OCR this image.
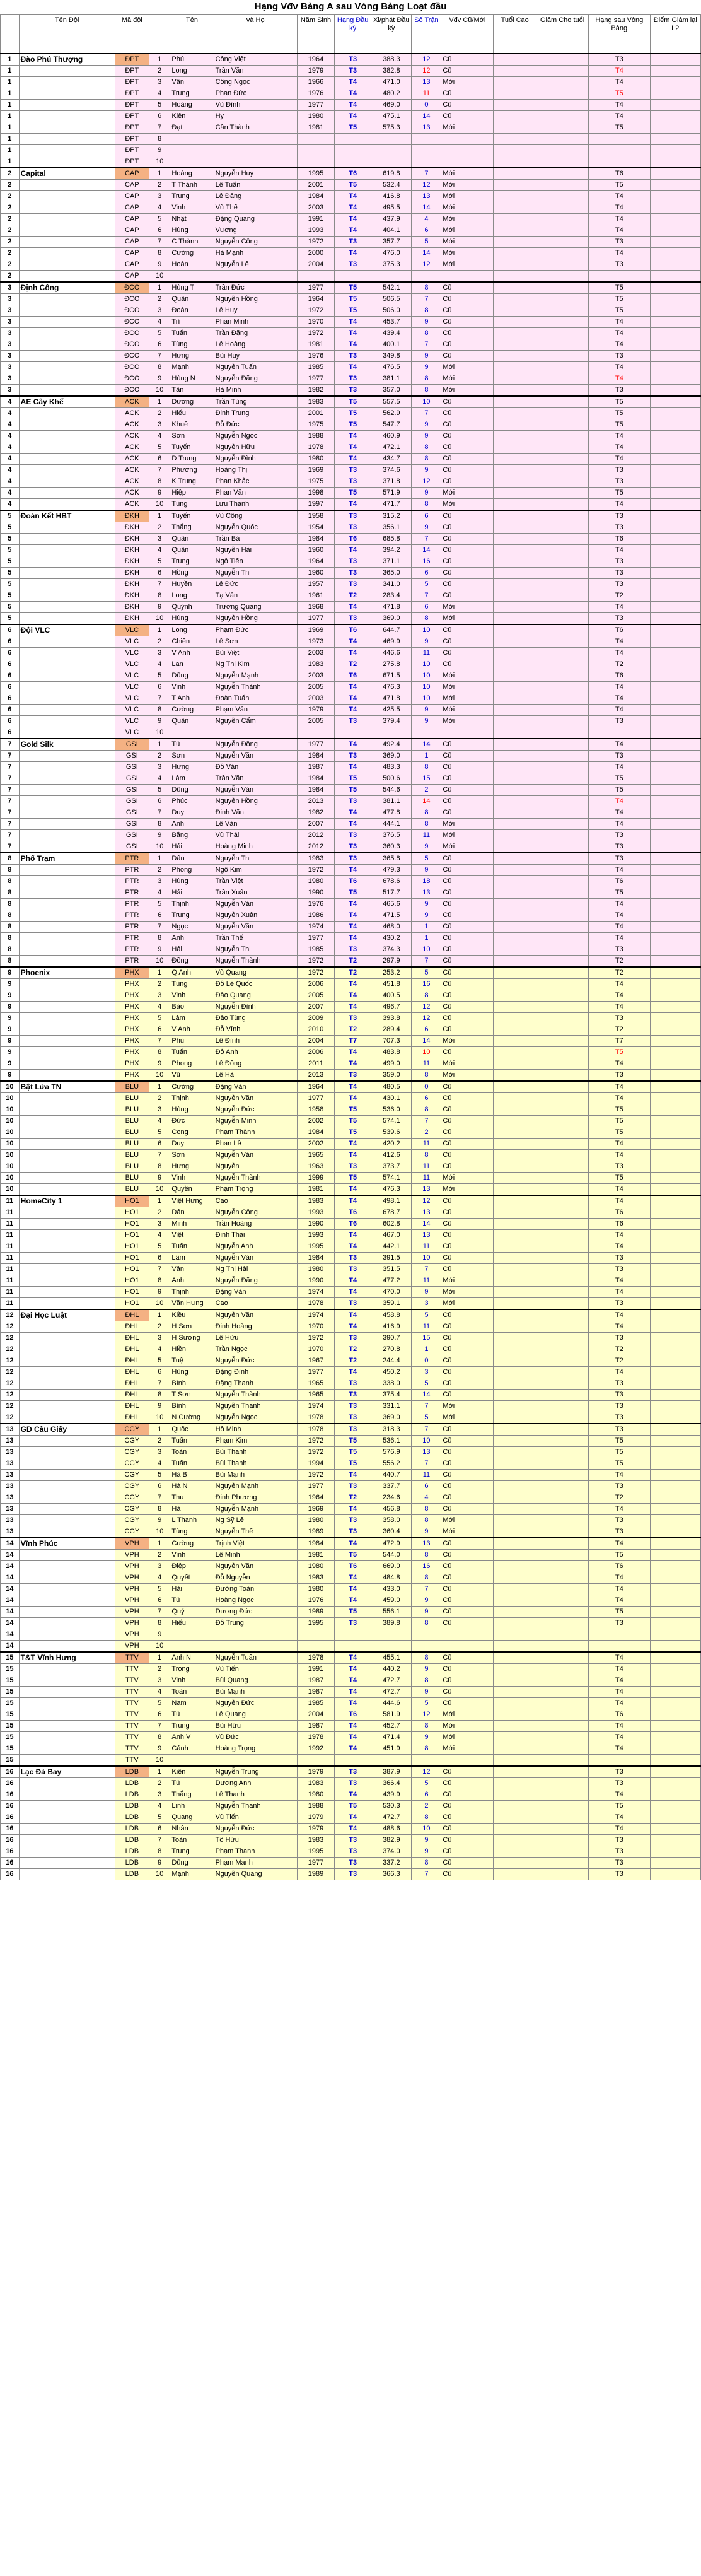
Hạng Vđv Bảng A sau Vòng Bảng Loạt đầu
	Tên Đội	Mã đội		Tên	và Họ	Năm Sinh	Hạng Đầu kỳ	Xi/phát Đầu kỳ	Số Trận	Vđv Cũ/Mới	Tuổi Cao	Giảm Cho tuổi	Hạng sau Vòng Bảng	Điểm Giảm lại L2
1	Đào Phú Thượng	ĐPT	1	Phú	Công Việt	1964	T3	388.3	12	Cũ			T3	
1		ĐPT	2	Long	Trần Văn	1979	T3	382.8	12	Cũ			T4	
1		ĐPT	3	Vân	Công Ngọc	1966	T4	471.0	13	Mới			T4	
1		ĐPT	4	Trung	Phan Đức	1976	T4	480.2	11	Cũ			T5	
1		ĐPT	5	Hoàng	Vũ Đình	1977	T4	469.0	0	Cũ			T4	
1		ĐPT	6	Kiên	Hy	1980	T4	475.1	14	Cũ			T4	
1		ĐPT	7	Đạt	Cần Thành	1981	T5	575.3	13	Mới			T5	
1		ĐPT	8											
1		ĐPT	9											
1		ĐPT	10											
2	Capital	CAP	1	Hoàng	Nguyễn Huy	1995	T6	619.8	7	Mới			T6	
2		CAP	2	T Thành	Lê Tuấn	2001	T5	532.4	12	Mới			T5	
2		CAP	3	Trung	Lê Đăng	1984	T4	416.8	13	Mới			T4	
2		CAP	4	Vinh	Vũ Thế	2003	T4	495.5	14	Mới			T4	
2		CAP	5	Nhật	Đặng Quang	1991	T4	437.9	4	Mới			T4	
2		CAP	6	Hùng	Vương	1993	T4	404.1	6	Mới			T4	
2		CAP	7	C Thành	Nguyễn Công	1972	T3	357.7	5	Mới			T3	
2		CAP	8	Cường	Hà Mạnh	2000	T4	476.0	14	Mới			T4	
2		CAP	9	Hoàn	Nguyễn Lê	2004	T3	375.3	12	Mới			T3	
2		CAP	10											
3	Định Công	ĐCO	1	Hùng T	Trần Đức	1977	T5	542.1	8	Cũ			T5	
3		ĐCO	2	Quân	Nguyễn Hồng	1964	T5	506.5	7	Cũ			T5	
3		ĐCO	3	Đoàn	Lê Huy	1972	T5	506.0	8	Cũ			T5	
3		ĐCO	4	Trí	Phan Minh	1970	T4	453.7	9	Cũ			T4	
3		ĐCO	5	Tuấn	Trần Đặng	1972	T4	439.4	8	Cũ			T4	
3		ĐCO	6	Tùng	Lê Hoàng	1981	T4	400.1	7	Cũ			T4	
3		ĐCO	7	Hưng	Bùi Huy	1976	T3	349.8	9	Cũ			T3	
3		ĐCO	8	Mạnh	Nguyễn Tuấn	1985	T4	476.5	9	Mới			T4	
3		ĐCO	9	Hùng N	Nguyễn Đăng	1977	T3	381.1	8	Mới			T4	
3		ĐCO	10	Tân	Hà Minh	1982	T3	357.0	8	Mới			T3	
4	AE Cây Khế	ACK	1	Dương	Trần Tùng	1983	T5	557.5	10	Cũ			T5	
4		ACK	2	Hiếu	Đinh Trung	2001	T5	562.9	7	Cũ			T5	
4		ACK	3	Khuê	Đỗ Đức	1975	T5	547.7	9	Cũ			T5	
4		ACK	4	Sơn	Nguyễn Ngọc	1988	T4	460.9	9	Cũ			T4	
4		ACK	5	Tuyến	Nguyễn Hữu	1978	T4	472.1	8	Cũ			T4	
4		ACK	6	D Trung	Nguyễn Đình	1980	T4	434.7	8	Cũ			T4	
4		ACK	7	Phương	Hoàng Thị	1969	T3	374.6	9	Cũ			T3	
4		ACK	8	K Trung	Phan Khắc	1975	T3	371.8	12	Cũ			T3	
4		ACK	9	Hiệp	Phan Văn	1998	T5	571.9	9	Mới			T5	
4		ACK	10	Tùng	Lưu Thanh	1997	T4	471.7	8	Mới			T4	
5	Đoàn Kết HBT	ĐKH	1	Tuyến	Vũ Công	1958	T3	315.2	6	Cũ			T3	
5		ĐKH	2	Thắng	Nguyễn Quốc	1954	T3	356.1	9	Cũ			T3	
5		ĐKH	3	Quân	Trần Bá	1984	T6	685.8	7	Cũ			T6	
5		ĐKH	4	Quân	Nguyễn Hải	1960	T4	394.2	14	Cũ			T4	
5		ĐKH	5	Trung	Ngô Tiến	1964	T3	371.1	16	Cũ			T3	
5		ĐKH	6	Hồng	Nguyễn Thị	1960	T3	365.0	6	Cũ			T3	
5		ĐKH	7	Huyền	Lê Đức	1957	T3	341.0	5	Cũ			T3	
5		ĐKH	8	Long	Tạ Văn	1961	T2	283.4	7	Cũ			T2	
5		ĐKH	9	Quỳnh	Trương Quang	1968	T4	471.8	6	Mới			T4	
5		ĐKH	10	Hùng	Nguyễn Hồng	1977	T3	369.0	8	Mới			T3	
6	Đội VLC	VLC	1	Long	Phạm Đức	1969	T6	644.7	10	Cũ			T6	
6		VLC	2	Chiến	Lê Sơn	1973	T4	469.9	9	Cũ			T4	
6		VLC	3	V Anh	Bùi Việt	2003	T4	446.6	11	Cũ			T4	
6		VLC	4	Lan	Ng Thị Kim	1983	T2	275.8	10	Cũ			T2	
6		VLC	5	Dũng	Nguyễn Mạnh	2003	T6	671.5	10	Mới			T6	
6		VLC	6	Vinh	Nguyễn Thành	2005	T4	476.3	10	Mới			T4	
6		VLC	7	T Anh	Đoàn Tuấn	2003	T4	471.8	10	Mới			T4	
6		VLC	8	Cường	Phạm Văn	1979	T4	425.5	9	Mới			T4	
6		VLC	9	Quân	Nguyễn Cẩm	2005	T3	379.4	9	Mới			T3	
6		VLC	10											
7	Gold Silk	GSI	1	Tú	Nguyễn Đồng	1977	T4	492.4	14	Cũ			T4	
7		GSI	2	Sơn	Nguyễn Văn	1984	T3	369.0	1	Cũ			T3	
7		GSI	3	Hưng	Đỗ Văn	1987	T4	483.3	8	Cũ			T4	
7		GSI	4	Lâm	Trần Văn	1984	T5	500.6	15	Cũ			T5	
7		GSI	5	Dũng	Nguyễn Văn	1984	T5	544.6	2	Cũ			T5	
7		GSI	6	Phúc	Nguyễn Hồng	2013	T3	381.1	14	Cũ			T4	
7		GSI	7	Duy	Đinh Văn	1982	T4	477.8	8	Cũ			T4	
7		GSI	8	Anh	Lê Văn	2007	T4	444.1	8	Mới			T4	
7		GSI	9	Bằng	Vũ Thái	2012	T3	376.5	11	Mới			T3	
7		GSI	10	Hải	Hoàng Minh	2012	T3	360.3	9	Mới			T3	
8	Phố Trạm	PTR	1	Dân	Nguyễn Thị	1983	T3	365.8	5	Cũ			T3	
8		PTR	2	Phong	Ngô Kim	1972	T4	479.3	9	Cũ			T4	
8		PTR	3	Hùng	Trần Việt	1980	T6	678.6	18	Cũ			T6	
8		PTR	4	Hải	Trần Xuân	1990	T5	517.7	13	Cũ			T5	
8		PTR	5	Thịnh	Nguyễn Văn	1976	T4	465.6	9	Cũ			T4	
8		PTR	6	Trung	Nguyễn Xuân	1986	T4	471.5	9	Cũ			T4	
8		PTR	7	Ngọc	Nguyễn Văn	1974	T4	468.0	1	Cũ			T4	
8		PTR	8	Anh	Trần Thế	1977	T4	430.2	1	Cũ			T4	
8		PTR	9	Hải	Nguyễn Thị	1985	T3	374.3	10	Cũ			T3	
8		PTR	10	Đồng	Nguyễn Thành	1972	T2	297.9	7	Cũ			T2	
9	Phoenix	PHX	1	Q Anh	Vũ Quang	1972	T2	253.2	5	Cũ			T2	
9		PHX	2	Tùng	Đỗ Lê Quốc	2006	T4	451.8	16	Cũ			T4	
9		PHX	3	Vinh	Đào Quang	2005	T4	400.5	8	Cũ			T4	
9		PHX	4	Bảo	Nguyễn Đình	2007	T4	496.7	12	Cũ			T4	
9		PHX	5	Lâm	Đào Tùng	2009	T3	393.8	12	Cũ			T3	
9		PHX	6	V Anh	Đỗ Vĩnh	2010	T2	289.4	6	Cũ			T2	
9		PHX	7	Phú	Lê Đình	2004	T7	707.3	14	Mới			T7	
9		PHX	8	Tuấn	Đỗ Anh	2006	T4	483.8	10	Cũ			T5	
9		PHX	9	Phong	Lê Đông	2011	T4	499.0	11	Mới			T4	
9		PHX	10	Vũ	Lê Hà	2013	T3	359.0	8	Mới			T3	
10	Bật Lửa TN	BLU	1	Cường	Đặng Văn	1964	T4	480.5	0	Cũ			T4	
10		BLU	2	Thịnh	Nguyễn Văn	1977	T4	430.1	6	Cũ			T4	
10		BLU	3	Hùng	Nguyễn Đức	1958	T5	536.0	8	Cũ			T5	
10		BLU	4	Đức	Nguyễn Minh	2002	T5	574.1	7	Cũ			T5	
10		BLU	5	Cong	Phạm Thành	1984	T5	539.6	2	Cũ			T5	
10		BLU	6	Duy	Phan Lê	2002	T4	420.2	11	Cũ			T4	
10		BLU	7	Sơn	Nguyễn Văn	1965	T4	412.6	8	Cũ			T4	
10		BLU	8	Hưng	Nguyễn	1963	T3	373.7	11	Cũ			T3	
10		BLU	9	Vinh	Nguyễn Thành	1999	T5	574.1	11	Mới			T5	
10		BLU	10	Quyền	Phạm Trọng	1981	T4	476.3	13	Mới			T4	
11	HomeCity 1	HO1	1	Việt Hưng	Cao	1983	T4	498.1	12	Cũ			T4	
11		HO1	2	Dân	Nguyễn Công	1993	T6	678.7	13	Cũ			T6	
11		HO1	3	Minh	Trần Hoàng	1990	T6	602.8	14	Cũ			T6	
11		HO1	4	Việt	Đinh Thái	1993	T4	467.0	13	Cũ			T4	
11		HO1	5	Tuấn	Nguyễn Anh	1995	T4	442.1	11	Cũ			T4	
11		HO1	6	Lâm	Nguyễn Văn	1984	T3	391.5	10	Cũ			T3	
11		HO1	7	Vân	Ng Thị Hải	1980	T3	351.5	7	Cũ			T3	
11		HO1	8	Anh	Nguyễn Đăng	1990	T4	477.2	11	Mới			T4	
11		HO1	9	Thịnh	Đặng Văn	1974	T4	470.0	9	Mới			T4	
11		HO1	10	Văn Hưng	Cao	1978	T3	359.1	3	Mới			T3	
12	Đại Học Luật	ĐHL	1	Kiều	Nguyễn Văn	1974	T4	458.8	5	Cũ			T4	
12		ĐHL	2	H Sơn	Đinh Hoàng	1970	T4	416.9	11	Cũ			T4	
12		ĐHL	3	H Sương	Lê Hữu	1972	T3	390.7	15	Cũ			T3	
12		ĐHL	4	Hiền	Trần Ngọc	1970	T2	270.8	1	Cũ			T2	
12		ĐHL	5	Tuệ	Nguyễn Đức	1967	T2	244.4	0	Cũ			T2	
12		ĐHL	6	Hùng	Đặng Đình	1977	T4	450.2	3	Cũ			T4	
12		ĐHL	7	Bình	Đặng Thanh	1965	T3	338.0	5	Cũ			T3	
12		ĐHL	8	T Sơn	Nguyễn Thành	1965	T3	375.4	14	Cũ			T3	
12		ĐHL	9	Bình	Nguyễn Thanh	1974	T3	331.1	7	Mới			T3	
12		ĐHL	10	N Cường	Nguyễn Ngọc	1978	T3	369.0	5	Mới			T3	
13	GD Cầu Giấy	CGY	1	Quốc	Hồ Minh	1978	T3	318.3	7	Cũ			T3	
13		CGY	2	Tuấn	Phạm Kim	1972	T5	536.1	10	Cũ			T5	
13		CGY	3	Toàn	Bùi Thanh	1972	T5	576.9	13	Cũ			T5	
13		CGY	4	Tuấn	Bùi Thanh	1994	T5	556.2	7	Cũ			T5	
13		CGY	5	Hà B	Bùi Mạnh	1972	T4	440.7	11	Cũ			T4	
13		CGY	6	Hà N	Nguyễn Mạnh	1977	T3	337.7	6	Cũ			T3	
13		CGY	7	Thu	Đinh Phương	1964	T2	234.6	4	Cũ			T2	
13		CGY	8	Hà	Nguyễn Mạnh	1969	T4	456.8	8	Cũ			T4	
13		CGY	9	L Thanh	Ng Sỹ Lê	1980	T3	358.0	8	Mới			T3	
13		CGY	10	Tùng	Nguyễn Thế	1989	T3	360.4	9	Mới			T3	
14	Vĩnh Phúc	VPH	1	Cường	Trịnh Việt	1984	T4	472.9	13	Cũ			T4	
14		VPH	2	Vinh	Lê Minh	1981	T5	544.0	8	Cũ			T5	
14		VPH	3	Điệp	Nguyễn Văn	1980	T6	669.0	16	Cũ			T6	
14		VPH	4	Quyết	Đỗ Nguyễn	1983	T4	484.8	8	Cũ			T4	
14		VPH	5	Hải	Đường Toàn	1980	T4	433.0	7	Cũ			T4	
14		VPH	6	Tú	Hoàng Ngọc	1976	T4	459.0	9	Cũ			T4	
14		VPH	7	Quý	Dương Đức	1989	T5	556.1	9	Cũ			T5	
14		VPH	8	Hiếu	Đỗ Trung	1995	T3	389.8	8	Cũ			T3	
14		VPH	9											
14		VPH	10											
15	T&T Vĩnh Hưng	TTV	1	Anh N	Nguyễn Tuấn	1978	T4	455.1	8	Cũ			T4	
15		TTV	2	Trọng	Vũ Tiến	1991	T4	440.2	9	Cũ			T4	
15		TTV	3	Vinh	Bùi Quang	1987	T4	472.7	8	Cũ			T4	
15		TTV	4	Toàn	Bùi Mạnh	1987	T4	472.7	9	Cũ			T4	
15		TTV	5	Nam	Nguyễn Đức	1985	T4	444.6	5	Cũ			T4	
15		TTV	6	Tú	Lê Quang	2004	T6	581.9	12	Mới			T6	
15		TTV	7	Trung	Bùi Hữu	1987	T4	452.7	8	Mới			T4	
15		TTV	8	Anh V	Vũ Đức	1978	T4	471.4	9	Mới			T4	
15		TTV	9	Cảnh	Hoàng Trọng	1992	T4	451.9	8	Mới			T4	
15		TTV	10											
16	Lạc Đà Bay	LDB	1	Kiên	Nguyễn Trung	1979	T3	387.9	12	Cũ			T3	
16		LDB	2	Tú	Dương Anh	1983	T3	366.4	5	Cũ			T3	
16		LDB	3	Thắng	Lê Thanh	1980	T4	439.9	6	Cũ			T4	
16		LDB	4	Linh	Nguyễn Thanh	1988	T5	530.3	2	Cũ			T5	
16		LDB	5	Quang	Vũ Tiến	1979	T4	472.7	8	Cũ			T4	
16		LDB	6	Nhân	Nguyễn Đức	1979	T4	488.6	10	Cũ			T4	
16		LDB	7	Toàn	Tô Hữu	1983	T3	382.9	9	Cũ			T3	
16		LDB	8	Trung	Phạm Thanh	1995	T3	374.0	9	Cũ			T3	
16		LDB	9	Dũng	Phạm Mạnh	1977	T3	337.2	8	Cũ			T3	
16		LDB	10	Mạnh	Nguyễn Quang	1989	T3	366.3	7	Cũ			T3	
